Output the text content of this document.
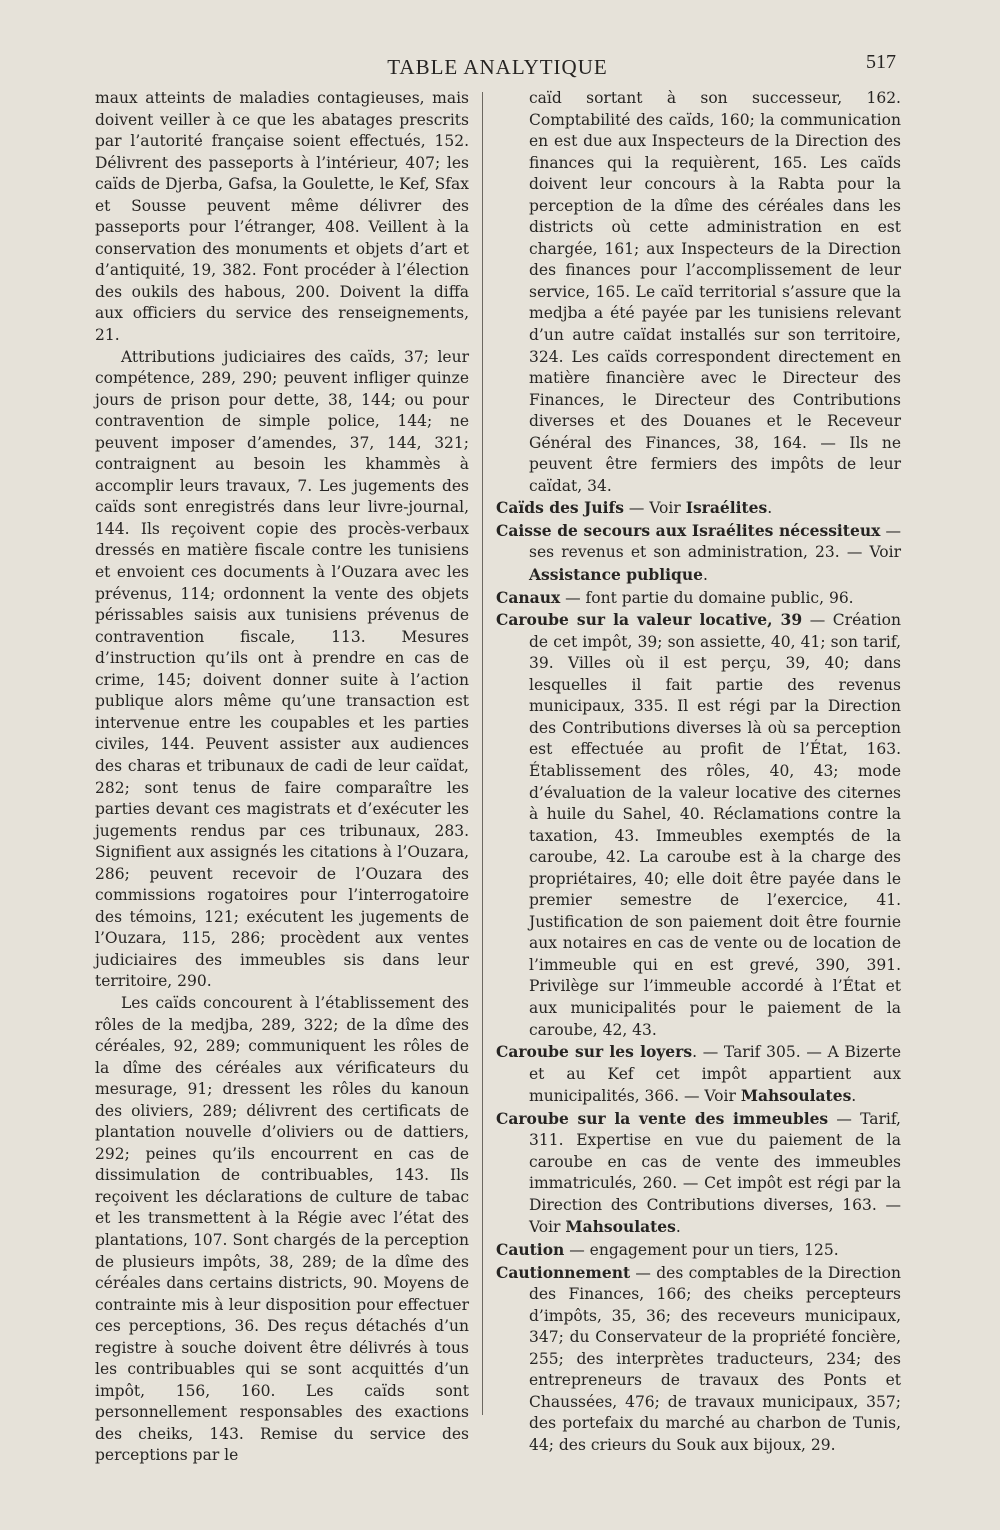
TABLE ANALYTIQUE	517

maux atteints de maladies contagieuses, mais doivent veiller à ce que les abatages prescrits par l’autorité française soient effectués, 152. Délivrent des passeports à l’intérieur, 407; les caïds de Djerba, Gafsa, la Goulette, le Kef, Sfax et Sousse peuvent même délivrer des passeports pour l’étranger, 408. Veillent à la conservation des monuments et objets d’art et d’antiquité, 19, 382. Font procéder à l’élection des oukils des habous, 200. Doivent la diffa aux officiers du service des renseignements, 21.

Attributions judiciaires des caïds, 37; leur compétence, 289, 290; peuvent infliger quinze jours de prison pour dette, 38, 144; ou pour contravention de simple police, 144; ne peuvent imposer d’amendes, 37, 144, 321; contraignent au besoin les khammès à accomplir leurs travaux, 7. Les jugements des caïds sont enregistrés dans leur livre-journal, 144. Ils reçoivent copie des procès-verbaux dressés en matière fiscale contre les tunisiens et envoient ces documents à l’Ouzara avec les prévenus, 114; ordonnent la vente des objets périssables saisis aux tunisiens prévenus de contravention fiscale, 113. Mesures d’instruction qu’ils ont à prendre en cas de crime, 145; doivent donner suite à l’action publique alors même qu’une transaction est intervenue entre les coupables et les parties civiles, 144. Peuvent assister aux audiences des charas et tribunaux de cadi de leur caïdat, 282; sont tenus de faire comparaître les parties devant ces magistrats et d’exécuter les jugements rendus par ces tribunaux, 283. Signifient aux assignés les citations à l’Ouzara, 286; peuvent recevoir de l’Ouzara des commissions rogatoires pour l’interrogatoire des témoins, 121; exécutent les jugements de l’Ouzara, 115, 286; procèdent aux ventes judiciaires des immeubles sis dans leur territoire, 290.

Les caïds concourent à l’établissement des rôles de la medjba, 289, 322; de la dîme des céréales, 92, 289; communiquent les rôles de la dîme des céréales aux vérificateurs du mesurage, 91; dressent les rôles du kanoun des oliviers, 289; délivrent des certificats de plantation nouvelle d’oliviers ou de dattiers, 292; peines qu’ils encourrent en cas de dissimulation de contribuables, 143. Ils reçoivent les déclarations de culture de tabac et les transmettent à la Régie avec l’état des plantations, 107. Sont chargés de la perception de plusieurs impôts, 38, 289; de la dîme des céréales dans certains districts, 90. Moyens de contrainte mis à leur disposition pour effectuer ces perceptions, 36. Des reçus détachés d’un registre à souche doivent être délivrés à tous les contribuables qui se sont acquittés d’un impôt, 156, 160. Les caïds sont personnellement responsables des exactions des cheiks, 143. Remise du service des perceptions par le

caïd sortant à son successeur, 162. Comptabilité des caïds, 160; la communication en est due aux Inspecteurs de la Direction des finances qui la requièrent, 165. Les caïds doivent leur concours à la Rabta pour la perception de la dîme des céréales dans les districts où cette administration en est chargée, 161; aux Inspecteurs de la Direction des finances pour l’accomplissement de leur service, 165. Le caïd territorial s’assure que la medjba a été payée par les tunisiens relevant d’un autre caïdat installés sur son territoire, 324. Les caïds correspondent directement en matière financière avec le Directeur des Finances, le Directeur des Contributions diverses et des Douanes et le Receveur Général des Finances, 38, 164. — Ils ne peuvent être fermiers des impôts de leur caïdat, 34.

Caïds des Juifs — Voir Israélites.

Caisse de secours aux Israélites nécessiteux — ses revenus et son administration, 23. — Voir Assistance publique.

Canaux — font partie du domaine public, 96.

Caroube sur la valeur locative, 39 — Création de cet impôt, 39; son assiette, 40, 41; son tarif, 39. Villes où il est perçu, 39, 40; dans lesquelles il fait partie des revenus municipaux, 335. Il est régi par la Direction des Contributions diverses là où sa perception est effectuée au profit de l’État, 163. Établissement des rôles, 40, 43; mode d’évaluation de la valeur locative des citernes à huile du Sahel, 40. Réclamations contre la taxation, 43. Immeubles exemptés de la caroube, 42. La caroube est à la charge des propriétaires, 40; elle doit être payée dans le premier semestre de l’exercice, 41. Justification de son paiement doit être fournie aux notaires en cas de vente ou de location de l’immeuble qui en est grevé, 390, 391. Privilège sur l’immeuble accordé à l’État et aux municipalités pour le paiement de la caroube, 42, 43.

Caroube sur les loyers. — Tarif 305. — A Bizerte et au Kef cet impôt appartient aux municipalités, 366. — Voir Mahsoulates.

Caroube sur la vente des immeubles — Tarif, 311. Expertise en vue du paiement de la caroube en cas de vente des immeubles immatriculés, 260. — Cet impôt est régi par la Direction des Contributions diverses, 163. — Voir Mahsoulates.

Caution — engagement pour un tiers, 125.

Cautionnement — des comptables de la Direction des Finances, 166; des cheiks percepteurs d’impôts, 35, 36; des receveurs municipaux, 347; du Conservateur de la propriété foncière, 255; des interprètes traducteurs, 234; des entrepreneurs de travaux des Ponts et Chaussées, 476; de travaux municipaux, 357; des portefaix du marché au charbon de Tunis, 44; des crieurs du Souk aux bijoux, 29.
